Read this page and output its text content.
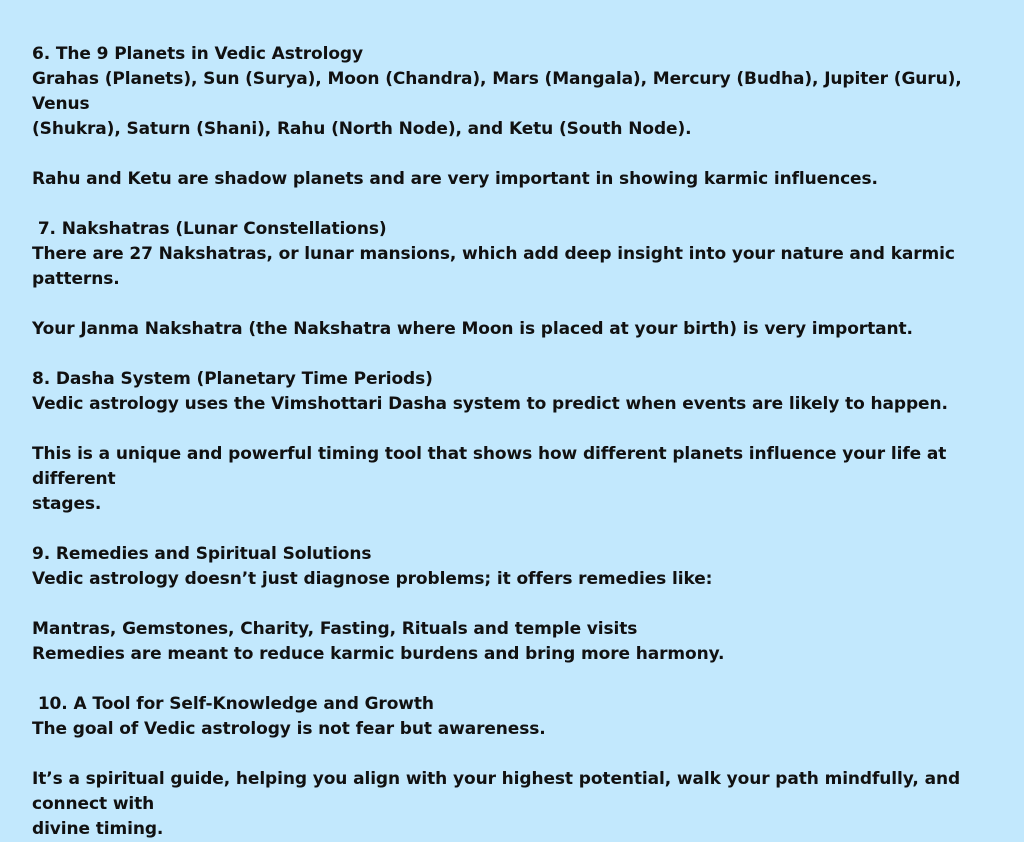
6. The 9 Planets in Vedic Astrology
Grahas (Planets), Sun (Surya), Moon (Chandra), Mars (Mangala), Mercury (Budha), Jupiter (Guru), Venus
(Shukra), Saturn (Shani), Rahu (North Node), and Ketu (South Node).
Rahu and Ketu are shadow planets and are very important in showing karmic influences.
7. Nakshatras (Lunar Constellations)
There are 27 Nakshatras, or lunar mansions, which add deep insight into your nature and karmic patterns.
Your Janma Nakshatra (the Nakshatra where Moon is placed at your birth) is very important.
8. Dasha System (Planetary Time Periods)
Vedic astrology uses the Vimshottari Dasha system to predict when events are likely to happen.
This is a unique and powerful timing tool that shows how different planets influence your life at different
stages.
9. Remedies and Spiritual Solutions
Vedic astrology doesn’t just diagnose problems; it offers remedies like:
Mantras, Gemstones, Charity, Fasting, Rituals and temple visits
Remedies are meant to reduce karmic burdens and bring more harmony.
10. A Tool for Self-Knowledge and Growth
The goal of Vedic astrology is not fear but awareness.
It’s a spiritual guide, helping you align with your highest potential, walk your path mindfully, and connect with
divine timing.
